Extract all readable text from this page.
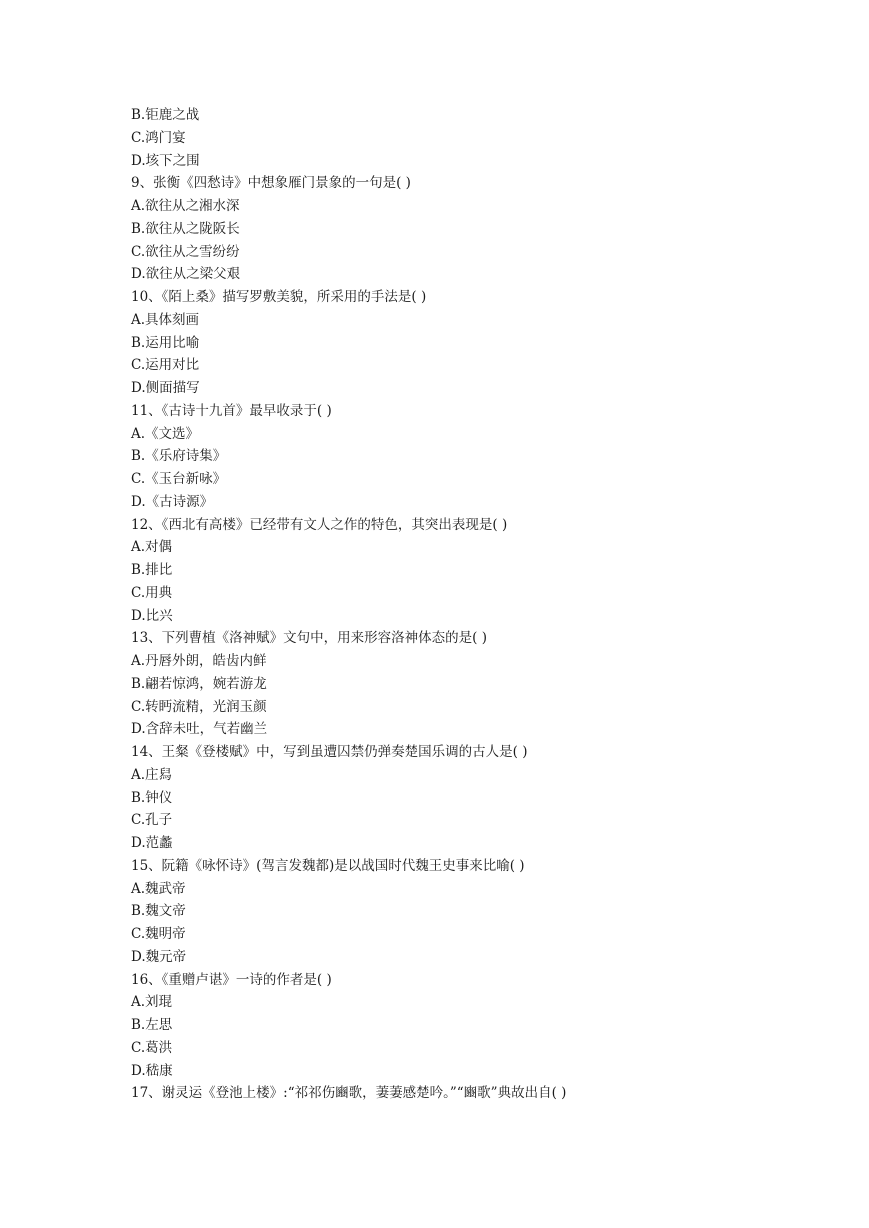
B.钜鹿之战
C.鸿门宴
D.垓下之围
9、张衡《四愁诗》中想象雁门景象的一句是( )
A.欲往从之湘水深
B.欲往从之陇阪长
C.欲往从之雪纷纷
D.欲往从之梁父艰
10、《陌上桑》描写罗敷美貌，所采用的手法是( )
A.具体刻画
B.运用比喻
C.运用对比
D.侧面描写
11、《古诗十九首》最早收录于( )
A.《文选》
B.《乐府诗集》
C.《玉台新咏》
D.《古诗源》
12、《西北有高楼》已经带有文人之作的特色，其突出表现是( )
A.对偶
B.排比
C.用典
D.比兴
13、下列曹植《洛神赋》文句中，用来形容洛神体态的是( )
A.丹唇外朗，皓齿内鲜
B.翩若惊鸿，婉若游龙
C.转眄流精，光润玉颜
D.含辞未吐，气若幽兰
14、王粲《登楼赋》中，写到虽遭囚禁仍弹奏楚国乐调的古人是( )
A.庄舄
B.钟仪
C.孔子
D.范蠡
15、阮籍《咏怀诗》(驾言发魏都)是以战国时代魏王史事来比喻( )
A.魏武帝
B.魏文帝
C.魏明帝
D.魏元帝
16、《重赠卢谌》一诗的作者是( )
A.刘琨
B.左思
C.葛洪
D.嵇康
17、谢灵运《登池上楼》:“祁祁伤豳歌，萋萋感楚吟。”“豳歌”典故出自( )
